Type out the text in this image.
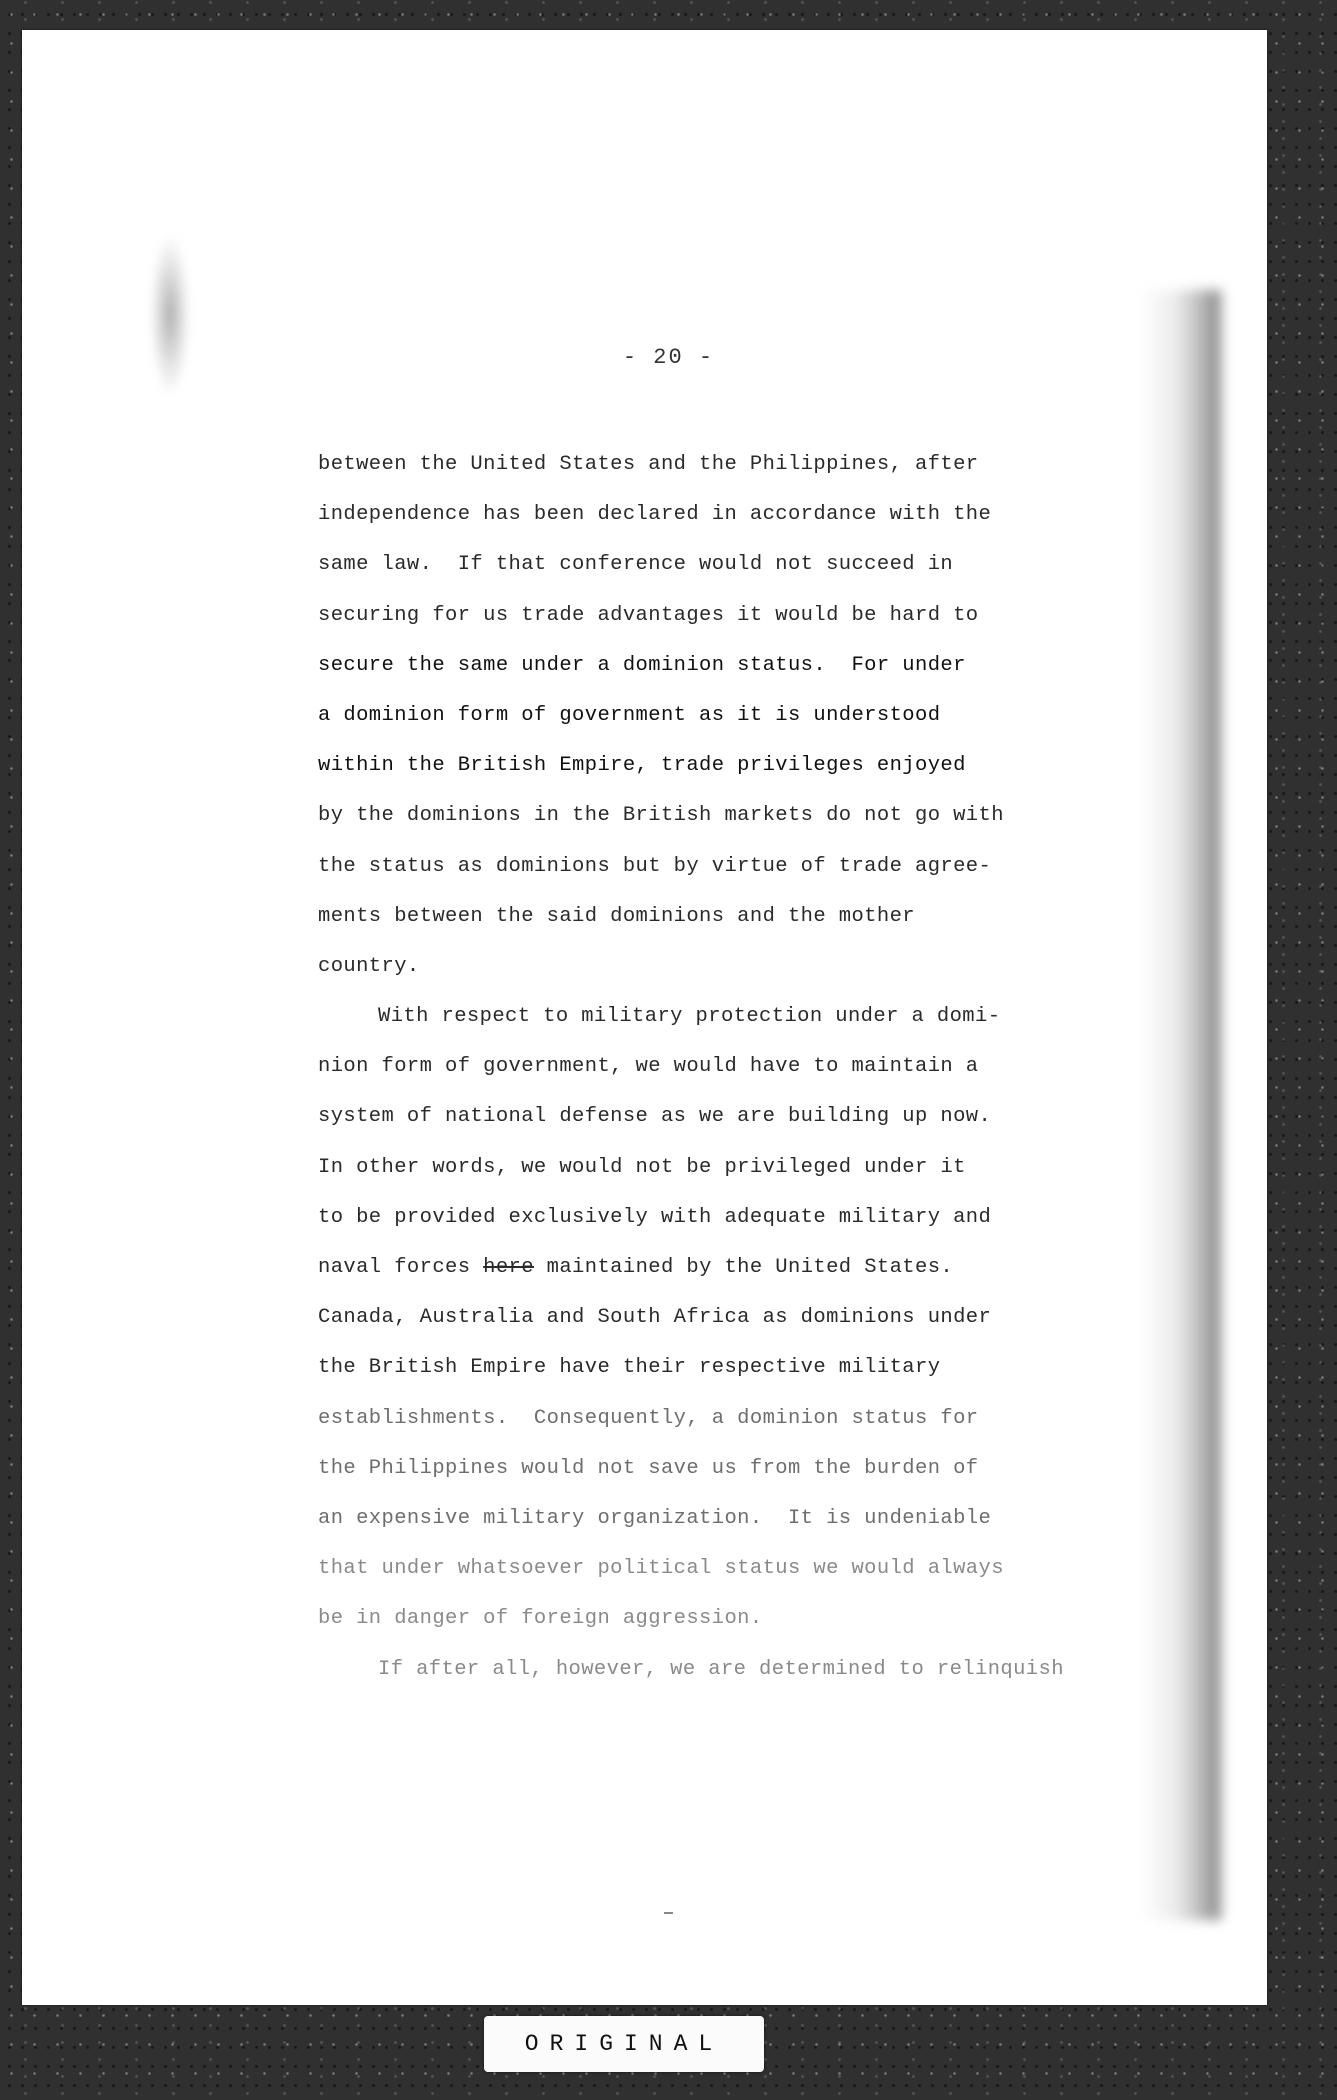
- 20 -
between the United States and the Philippines, after
independence has been declared in accordance with the
same law.  If that conference would not succeed in
securing for us trade advantages it would be hard to
secure the same under a dominion status.  For under
a dominion form of government as it is understood
within the British Empire, trade privileges enjoyed
by the dominions in the British markets do not go with
the status as dominions but by virtue of trade agree-
ments between the said dominions and the mother
country.
With respect to military protection under a domi-
nion form of government, we would have to maintain a
system of national defense as we are building up now.
In other words, we would not be privileged under it
to be provided exclusively with adequate military and
naval forces here maintained by the United States.
Canada, Australia and South Africa as dominions under
the British Empire have their respective military
establishments.  Consequently, a dominion status for
the Philippines would not save us from the burden of
an expensive military organization.  It is undeniable
that under whatsoever political status we would always
be in danger of foreign aggression.
If after all, however, we are determined to relinquish
ORIGINAL
